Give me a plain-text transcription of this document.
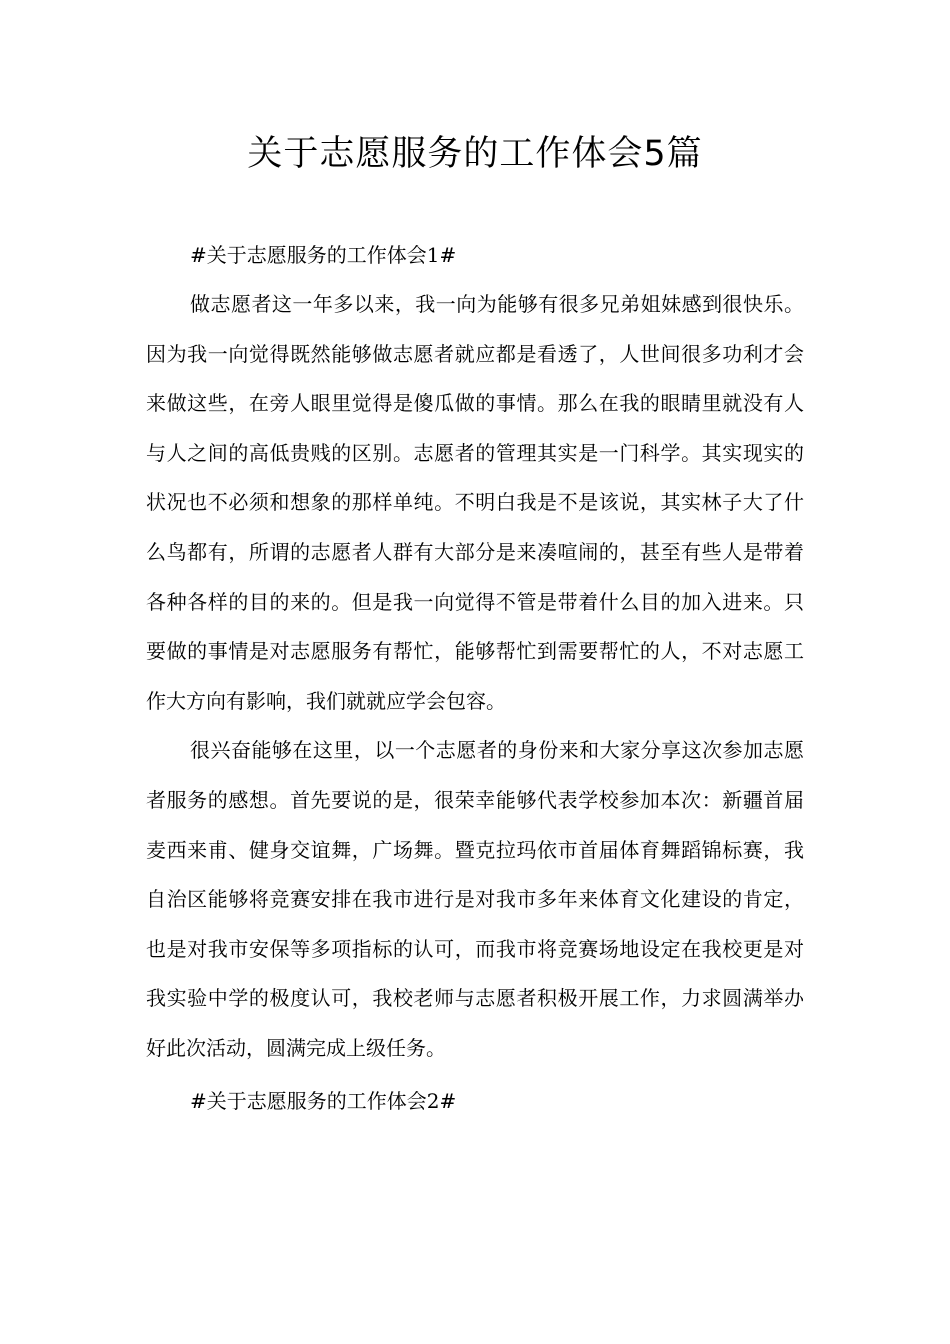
关于志愿服务的工作体会5篇

#关于志愿服务的工作体会1#

做志愿者这一年多以来，我一向为能够有很多兄弟姐妹感到很快乐。因为我一向觉得既然能够做志愿者就应都是看透了，人世间很多功利才会来做这些，在旁人眼里觉得是傻瓜做的事情。那么在我的眼睛里就没有人与人之间的高低贵贱的区别。志愿者的管理其实是一门科学。其实现实的状况也不必须和想象的那样单纯。不明白我是不是该说，其实林子大了什么鸟都有，所谓的志愿者人群有大部分是来凑喧闹的，甚至有些人是带着各种各样的目的来的。但是我一向觉得不管是带着什么目的加入进来。只要做的事情是对志愿服务有帮忙，能够帮忙到需要帮忙的人，不对志愿工作大方向有影响，我们就就应学会包容。

很兴奋能够在这里，以一个志愿者的身份来和大家分享这次参加志愿者服务的感想。首先要说的是，很荣幸能够代表学校参加本次：新疆首届麦西来甫、健身交谊舞，广场舞。暨克拉玛依市首届体育舞蹈锦标赛，我自治区能够将竞赛安排在我市进行是对我市多年来体育文化建设的肯定，也是对我市安保等多项指标的认可，而我市将竞赛场地设定在我校更是对我实验中学的极度认可，我校老师与志愿者积极开展工作，力求圆满举办好此次活动，圆满完成上级任务。

#关于志愿服务的工作体会2#
